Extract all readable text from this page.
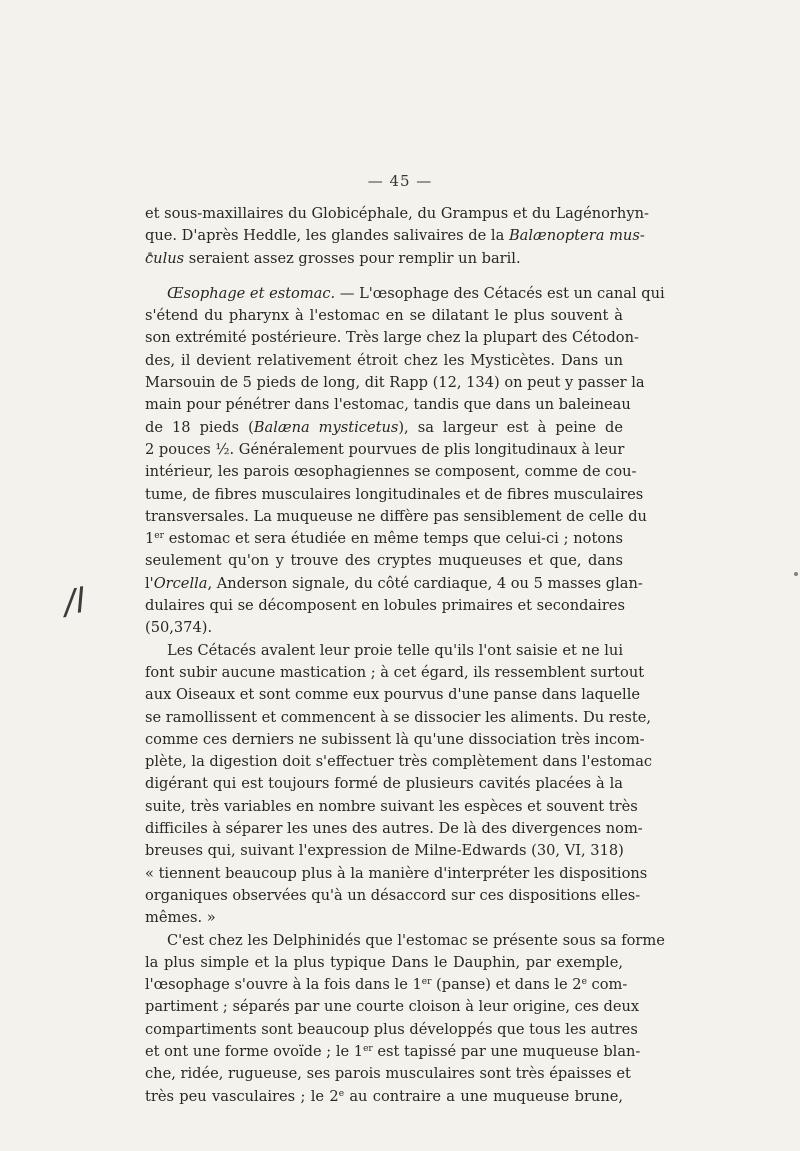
— 45 —
/l

et sous-maxillaires du Globicéphale, du Grampus et du Lagénorhyn-
que. D'après Heddle, les glandes salivaires de la Balænoptera mus-
culus seraient assez grosses pour remplir un baril.

Œsophage et estomac. — L'œsophage des Cétacés est un canal qui
s'étend du pharynx à l'estomac en se dilatant le plus souvent à
son extrémité postérieure. Très large chez la plupart des Cétodon-
des, il devient relativement étroit chez les Mysticètes. Dans un
Marsouin de 5 pieds de long, dit Rapp (12, 134) on peut y passer la
main pour pénétrer dans l'estomac, tandis que dans un baleineau
de 18 pieds (Balæna mysticetus), sa largeur est à peine de
2 pouces ½. Généralement pourvues de plis longitudinaux à leur
intérieur, les parois œsophagiennes se composent, comme de cou-
tume, de fibres musculaires longitudinales et de fibres musculaires
transversales. La muqueuse ne diffère pas sensiblement de celle du
1er estomac et sera étudiée en même temps que celui-ci ; notons
seulement qu'on y trouve des cryptes muqueuses et que, dans
l'Orcella, Anderson signale, du côté cardiaque, 4 ou 5 masses glan-
dulaires qui se décomposent en lobules primaires et secondaires
(50,374).

Les Cétacés avalent leur proie telle qu'ils l'ont saisie et ne lui
font subir aucune mastication ; à cet égard, ils ressemblent surtout
aux Oiseaux et sont comme eux pourvus d'une panse dans laquelle
se ramollissent et commencent à se dissocier les aliments. Du reste,
comme ces derniers ne subissent là qu'une dissociation très incom-
plète, la digestion doit s'effectuer très complètement dans l'estomac
digérant qui est toujours formé de plusieurs cavités placées à la
suite, très variables en nombre suivant les espèces et souvent très
difficiles à séparer les unes des autres. De là des divergences nom-
breuses qui, suivant l'expression de Milne-Edwards (30, VI, 318)
« tiennent beaucoup plus à la manière d'interpréter les dispositions
organiques observées qu'à un désaccord sur ces dispositions elles-
mêmes. »

C'est chez les Delphinidés que l'estomac se présente sous sa forme
la plus simple et la plus typique Dans le Dauphin, par exemple,
l'œsophage s'ouvre à la fois dans le 1er (panse) et dans le 2e com-
partiment ; séparés par une courte cloison à leur origine, ces deux
compartiments sont beaucoup plus développés que tous les autres
et ont une forme ovoïde ; le 1er est tapissé par une muqueuse blan-
che, ridée, rugueuse, ses parois musculaires sont très épaisses et
très peu vasculaires ; le 2e au contraire a une muqueuse brune,
